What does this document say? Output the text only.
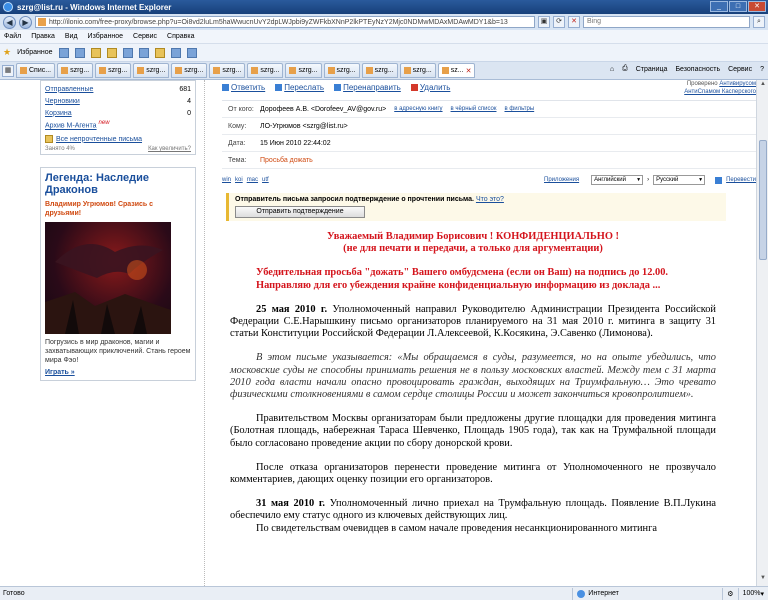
szrg@list.ru - Windows Internet Explorer	_	□	✕
◀	▶	http://ilonio.com/free-proxy/browse.php?u=Oi8vd2luLm5haWwucnUvY2dpLWJpbi9yZWFkbXNnP2lkPTEyNzY2Mjc0NDMwMDAxMDAwMDY1&b=13	▣	⟳	✕	Bing	⌕
Файл Правка Вид Избранное Сервис Справка
★ Избранное
▦	Спис...	szrg...	szrg...	szrg...	szrg...	szrg...	szrg...	szrg...	szrg...	szrg...	szrg...	sz... ✕	⌂ ⎙ Страница Безопасность Сервис ?
Отправленные	681
Черновики	4
Корзина	0
Архив М-Агента $^{new}$
Все непрочтенные письма
Занято 4%	Как увеличить?
Легенда: Наследие Драконов
Владимир Угрюмов! Сразись с друзьями!
Погрузись в мир драконов, магии и захватывающих приключений. Стань героем мира Фэо!
Играть »
Ответить Переслать Перенаправить Удалить	Проверено Антивирусом
АнтиСпамом Касперского
От кого: Дорофеев А.В. <Dorofeev_AV@gov.ru> в адресную книгу в чёрный список в фильтры
Кому:	ЛО-Угрюмов <szrg@list.ru>
Дата:	15 Июн 2010 22:44:02
Тема:	Просьба дожать
win koi mac utf	Приложения	Английский ▼	›	Русский ▼	Перевести
Отправитель письма запросил подтверждение о прочтении письма. Что это?
Отправить подтверждение

Уважаемый Владимир Борисович ! КОНФИДЕНЦИАЛЬНО !

(не для печати и передачи, а только для аргументации)

Убедительная просьба "дожать" Вашего омбудсмена (если он Ваш) на подпись до 12.00.

Направляю для его убеждения крайне конфиденциальную информацию из доклада ...

25 мая 2010 г. Уполномоченный направил Руководителю Администрации Президента Российской Федерации С.Е.Нарышкину письмо организаторов планируемого на 31 мая 2010 г. митинга в защиту 31 статьи Конституции Российской Федерации Л.Алексеевой, К.Косякина, Э.Савенко (Лимонова).

В этом письме указывается: «Мы обращаемся в суды, разумеется, но на опыте убедились, что московские суды не способны принимать решения не в пользу московских властей. Между тем с 31 марта 2010 года власти начали опасно провоцировать граждан, выходящих на Триумфальную… Это чревато физическими столкновениями в самом сердце столицы России и может закончиться кровопролитием».

Правительством Москвы организаторам были предложены другие площадки для проведения митинга (Болотная площадь, набережная Тараса Шевченко, Площадь 1905 года), так как на Трумфальной площади было согласовано проведение акции по сбору донорской крови.

После отказа организаторов перенести проведение митинга от Уполномоченного не прозвучало комментариев, дающих оценку позиции его организаторов.

31 мая 2010 г. Уполномоченный лично приехал на Трумфальную площадь. Появление В.П.Лукина обеспечило ему статус одного из ключевых действующих лиц.

По свидетельствам очевидцев в самом начале проведения несанкционированного митинга

▲
▼
Готово	Интернет	⚙	100% ▾
